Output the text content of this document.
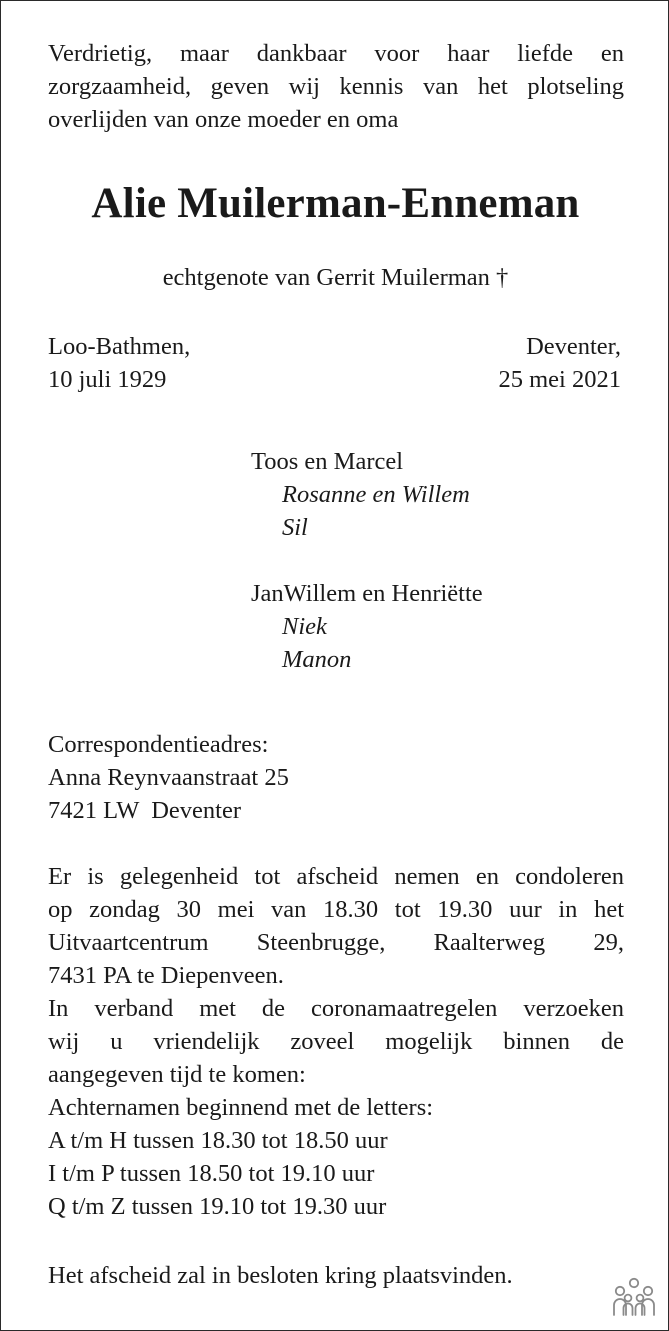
Verdrietig, maar dankbaar voor haar liefde en

zorgzaamheid, geven wij kennis van het plotseling

overlijden van onze moeder en oma

Alie Muilerman-Enneman

echtgenote van Gerrit Muilerman †

Loo-Bathmen,

10 juli 1929

Deventer,

25 mei 2021

Toos en Marcel

Rosanne en Willem

Sil

JanWillem en Henriëtte

Niek

Manon

Correspondentieadres:

Anna Reynvaanstraat 25

7421 LW  Deventer

Er is gelegenheid tot afscheid nemen en condoleren

op zondag 30 mei van 18.30 tot 19.30 uur in het

Uitvaartcentrum Steenbrugge, Raalterweg 29,

7431 PA te Diepenveen.

In verband met de coronamaatregelen verzoeken

wij u vriendelijk zoveel mogelijk binnen de

aangegeven tijd te komen:

Achternamen beginnend met de letters:

A t/m H tussen 18.30 tot 18.50 uur

I t/m P tussen 18.50 tot 19.10 uur

Q t/m Z tussen 19.10 tot 19.30 uur

Het afscheid zal in besloten kring plaatsvinden.
